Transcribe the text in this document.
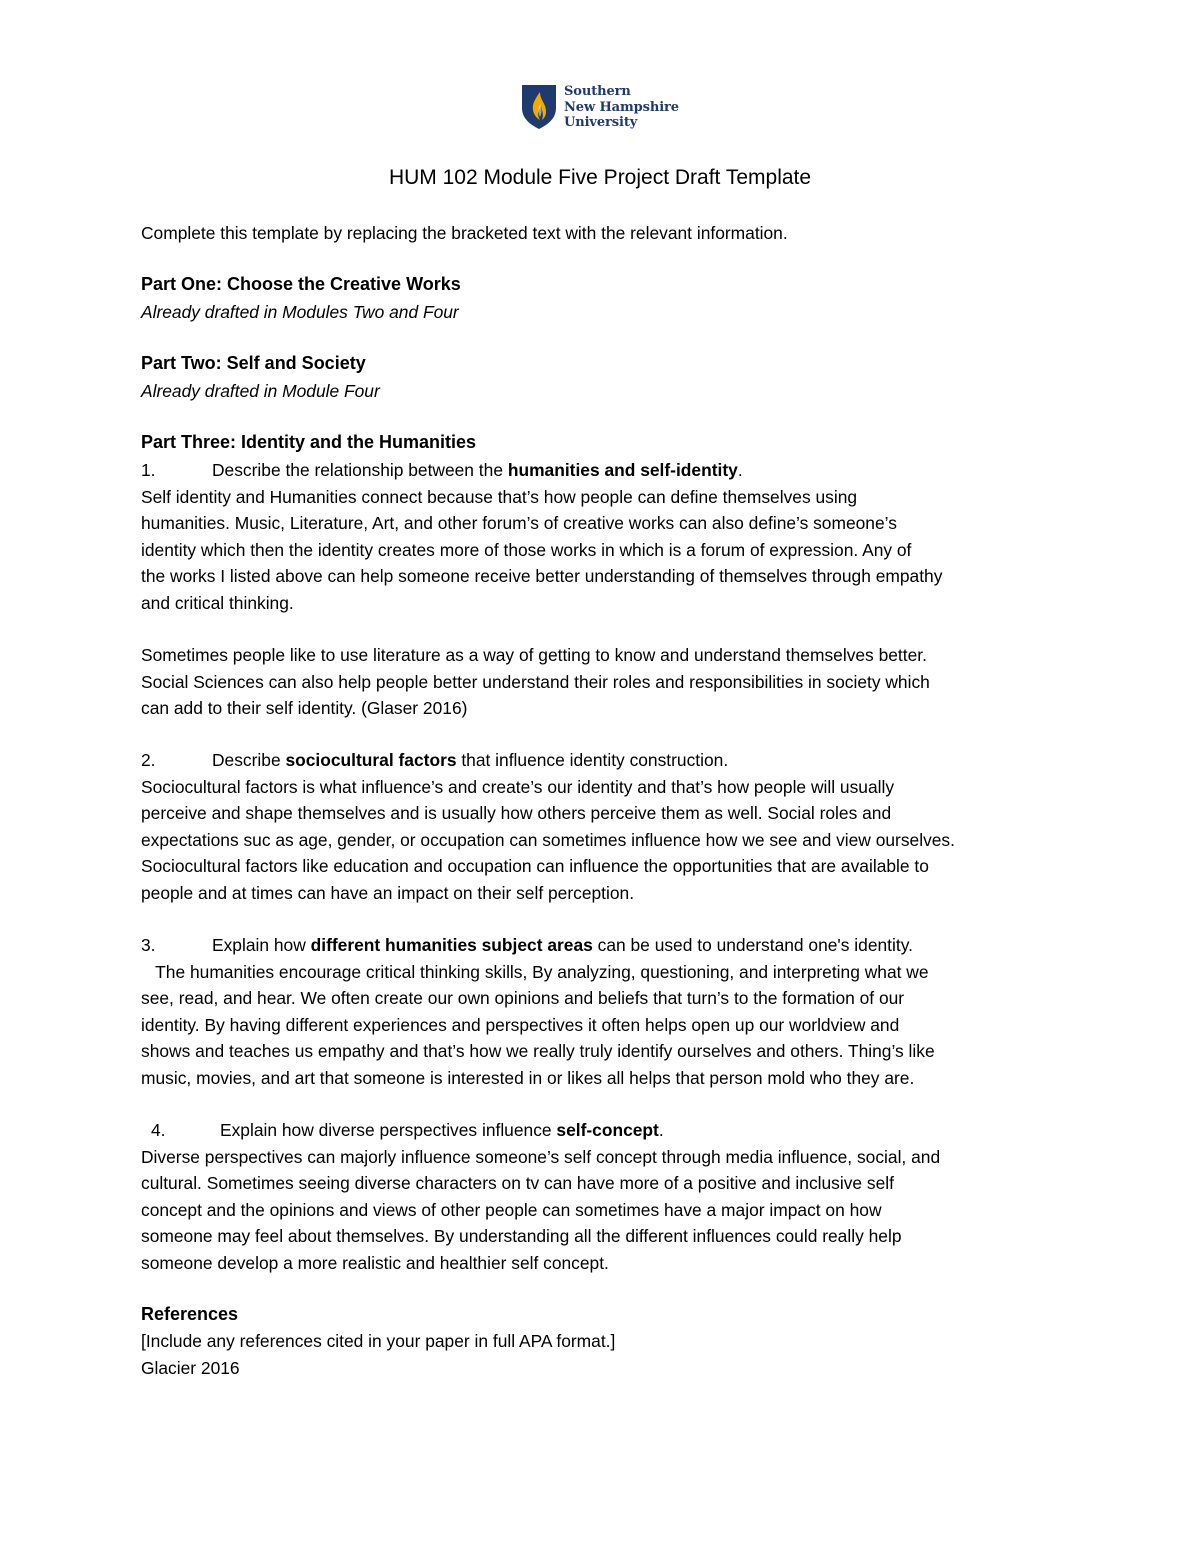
Southern
New Hampshire
University
HUM 102 Module Five Project Draft Template
Complete this template by replacing the bracketed text with the relevant information.
Part One: Choose the Creative Works
Already drafted in Modules Two and Four
Part Two: Self and Society
Already drafted in Module Four
Part Three: Identity and the Humanities
1.	Describe the relationship between the humanities and self-identity.
Self identity and Humanities connect because that’s how people can define themselves using
humanities. Music, Literature, Art, and other forum’s of creative works can also define’s someone’s
identity which then the identity creates more of those works in which is a forum of expression. Any of
the works I listed above can help someone receive better understanding of themselves through empathy
and critical thinking.
Sometimes people like to use literature as a way of getting to know and understand themselves better.
Social Sciences can also help people better understand their roles and responsibilities in society which
can add to their self identity. (Glaser 2016)
2.	Describe sociocultural factors that influence identity construction.
Sociocultural factors is what influence’s and create’s our identity and that’s how people will usually
perceive and shape themselves and is usually how others perceive them as well. Social roles and
expectations suc as age, gender, or occupation can sometimes influence how we see and view ourselves.
Sociocultural factors like education and occupation can influence the opportunities that are available to
people and at times can have an impact on their self perception.
3.	Explain how different humanities subject areas can be used to understand one's identity.
The humanities encourage critical thinking skills, By analyzing, questioning, and interpreting what we
see, read, and hear. We often create our own opinions and beliefs that turn’s to the formation of our
identity. By having different experiences and perspectives it often helps open up our worldview and
shows and teaches us empathy and that’s how we really truly identify ourselves and others. Thing’s like
music, movies, and art that someone is interested in or likes all helps that person mold who they are.
4.	Explain how diverse perspectives influence self-concept.
Diverse perspectives can majorly influence someone’s self concept through media influence, social, and
cultural. Sometimes seeing diverse characters on tv can have more of a positive and inclusive self
concept and the opinions and views of other people can sometimes have a major impact on how
someone may feel about themselves. By understanding all the different influences could really help
someone develop a more realistic and healthier self concept.
References
[Include any references cited in your paper in full APA format.]
Glacier 2016
